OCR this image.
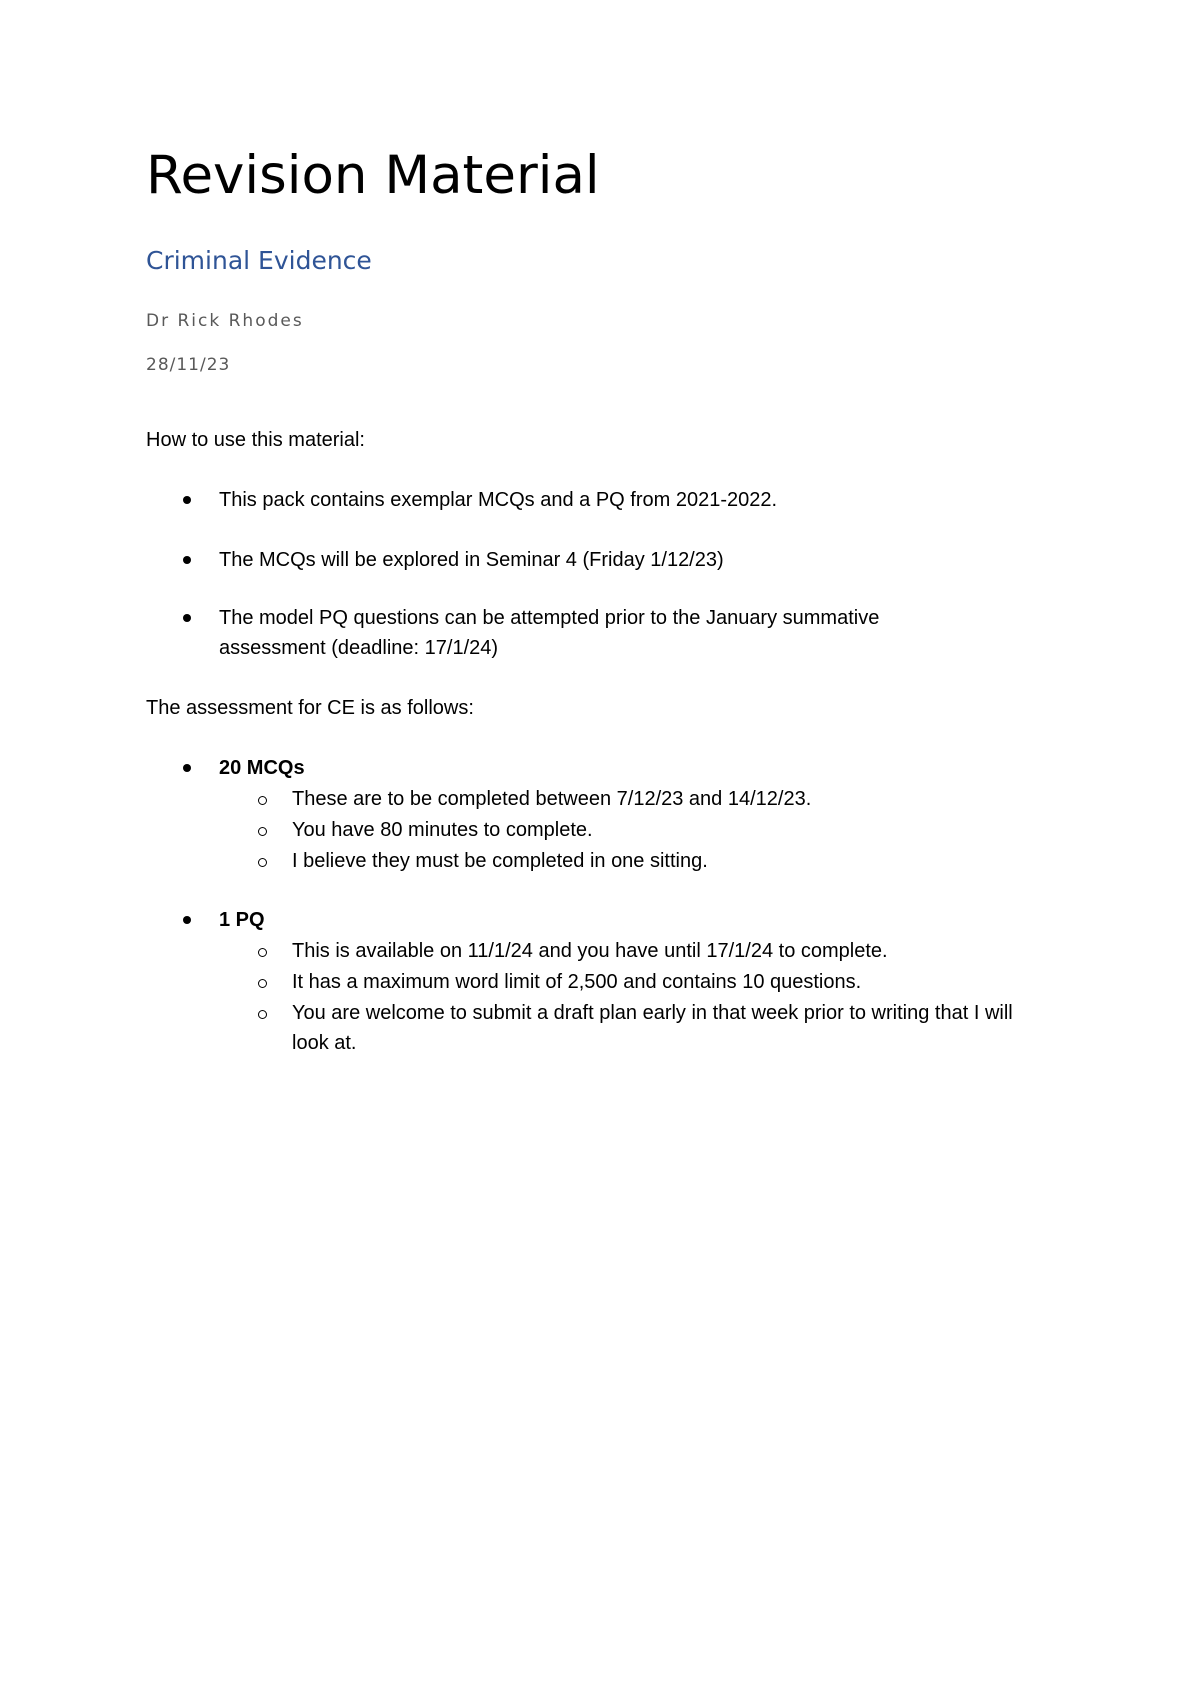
Revision Material
Criminal Evidence

Dr Rick Rhodes

28/11/23

How to use this material:

This pack contains exemplar MCQs and a PQ from 2021-2022.

The MCQs will be explored in Seminar 4 (Friday 1/12/23)

The model PQ questions can be attempted prior to the January summative assessment (deadline: 17/1/24)

The assessment for CE is as follows:

20 MCQs

These are to be completed between 7/12/23 and 14/12/23.

You have 80 minutes to complete.

I believe they must be completed in one sitting.

1 PQ

This is available on 11/1/24 and you have until 17/1/24 to complete.

It has a maximum word limit of 2,500 and contains 10 questions.

You are welcome to submit a draft plan early in that week prior to writing that I will look at.
